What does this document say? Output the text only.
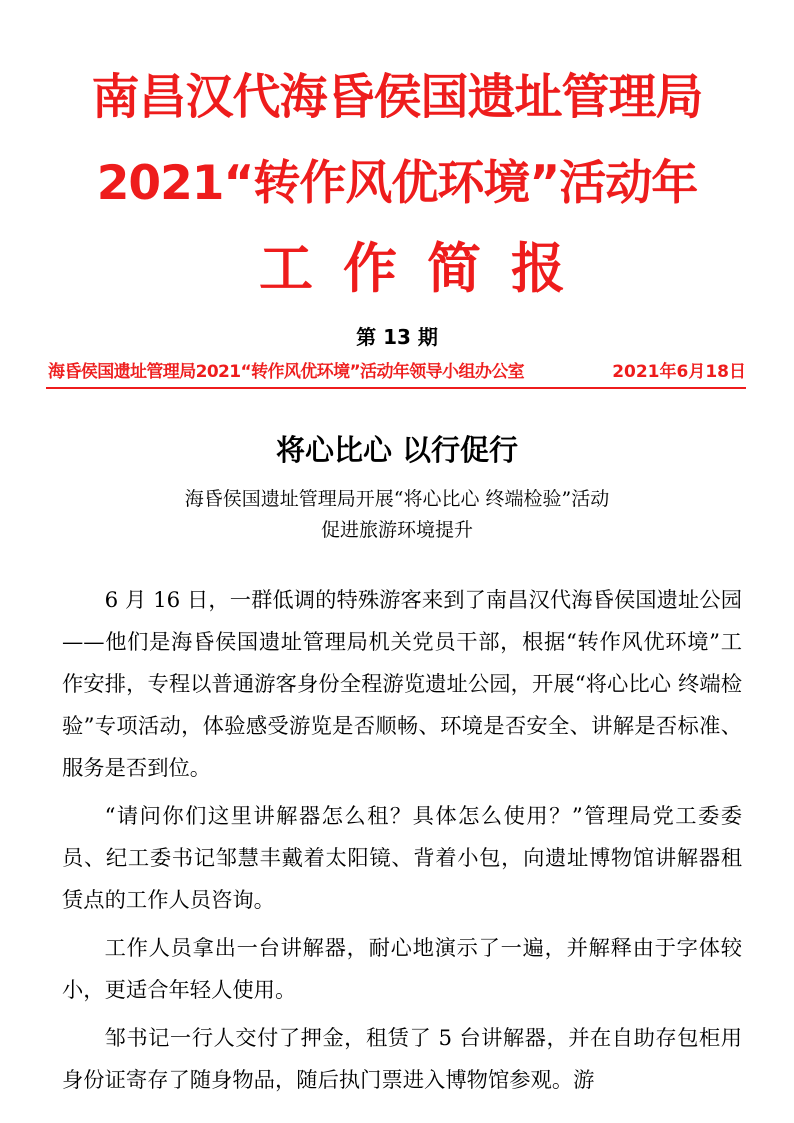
南昌汉代海昏侯国遗址管理局
2021“转作风优环境”活动年
工作简报
第 13 期
海昏侯国遗址管理局2021“转作风优环境”活动年领导小组办公室	2021年6月18日
将心比心 以行促行
海昏侯国遗址管理局开展“将心比心 终端检验”活动
促进旅游环境提升

6 月 16 日，一群低调的特殊游客来到了南昌汉代海昏侯国遗址公园——他们是海昏侯国遗址管理局机关党员干部，根据“转作风优环境”工作安排，专程以普通游客身份全程游览遗址公园，开展“将心比心 终端检验”专项活动，体验感受游览是否顺畅、环境是否安全、讲解是否标准、服务是否到位。

“请问你们这里讲解器怎么租？具体怎么使用？”管理局党工委委员、纪工委书记邹慧丰戴着太阳镜、背着小包，向遗址博物馆讲解器租赁点的工作人员咨询。

工作人员拿出一台讲解器，耐心地演示了一遍，并解释由于字体较小，更适合年轻人使用。

邹书记一行人交付了押金，租赁了 5 台讲解器，并在自助存包柜用身份证寄存了随身物品，随后执门票进入博物馆参观。游
